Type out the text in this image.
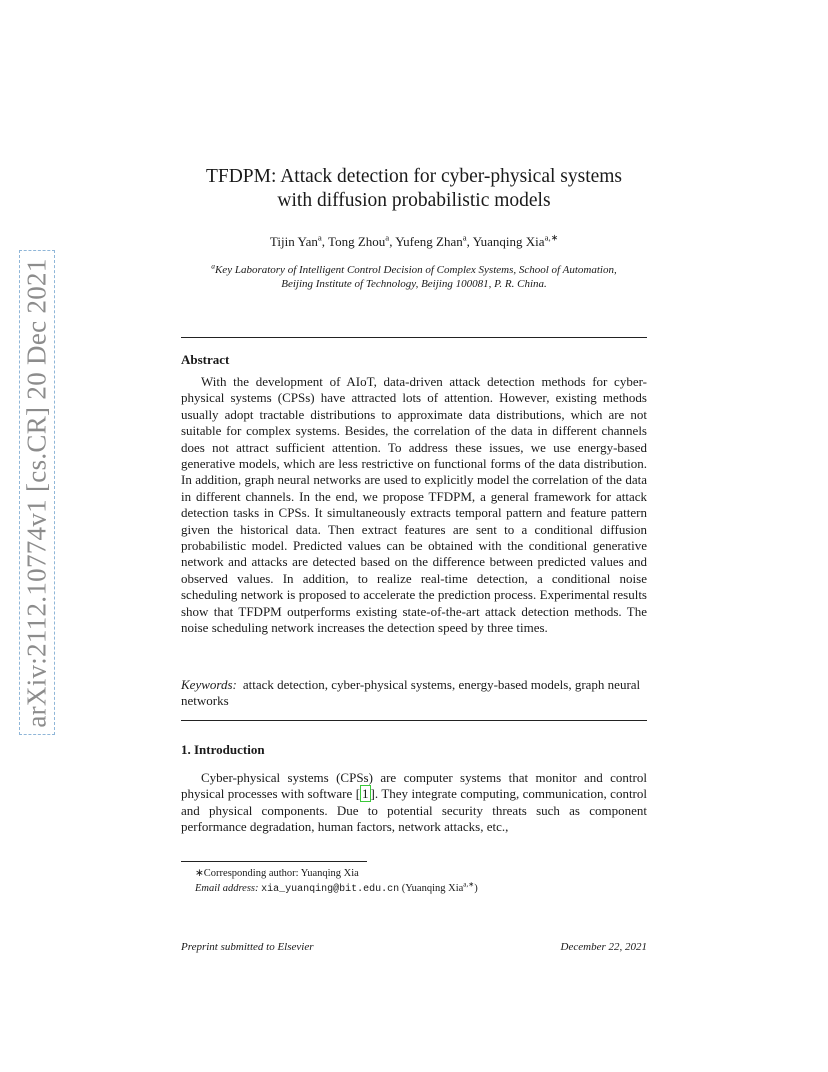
arXiv:2112.10774v1 [cs.CR] 20 Dec 2021
TFDPM: Attack detection for cyber-physical systems
with diffusion probabilistic models
Tijin Yan$^a$, Tong Zhou$^a$, Yufeng Zhan$^a$, Yuanqing Xia$^{a,∗}$
$^a$Key Laboratory of Intelligent Control Decision of Complex Systems, School of Automation,
Beijing Institute of Technology, Beijing 100081, P. R. China.
Abstract

With the development of AIoT, data-driven attack detection methods for cyber-physical systems (CPSs) have attracted lots of attention. However, existing methods usually adopt tractable distributions to approximate data distributions, which are not suitable for complex systems. Besides, the correlation of the data in different channels does not attract sufficient attention. To address these issues, we use energy-based generative models, which are less restrictive on functional forms of the data distribution. In addition, graph neural networks are used to explicitly model the correlation of the data in different channels. In the end, we propose TFDPM, a general framework for attack detection tasks in CPSs. It simultaneously extracts temporal pattern and feature pattern given the historical data. Then extract features are sent to a conditional diffusion probabilistic model. Predicted values can be obtained with the conditional generative network and attacks are detected based on the difference between predicted values and observed values. In addition, to realize real-time detection, a conditional noise scheduling network is proposed to accelerate the prediction process. Experimental results show that TFDPM outperforms existing state-of-the-art attack detection methods. The noise scheduling network increases the detection speed by three times.

Keywords: attack detection, cyber-physical systems, energy-based models, graph neural networks

1. Introduction

Cyber-physical systems (CPSs) are computer systems that monitor and control physical processes with software [ 1 ]. They integrate computing, communication, control and physical components. Due to potential security threats such as component performance degradation, human factors, network attacks, etc.,

∗Corresponding author: Yuanqing Xia
Email address: xia_yuanqing@bit.edu.cn (Yuanqing Xia$^{a,∗}$)
Preprint submitted to Elsevier	December 22, 2021
